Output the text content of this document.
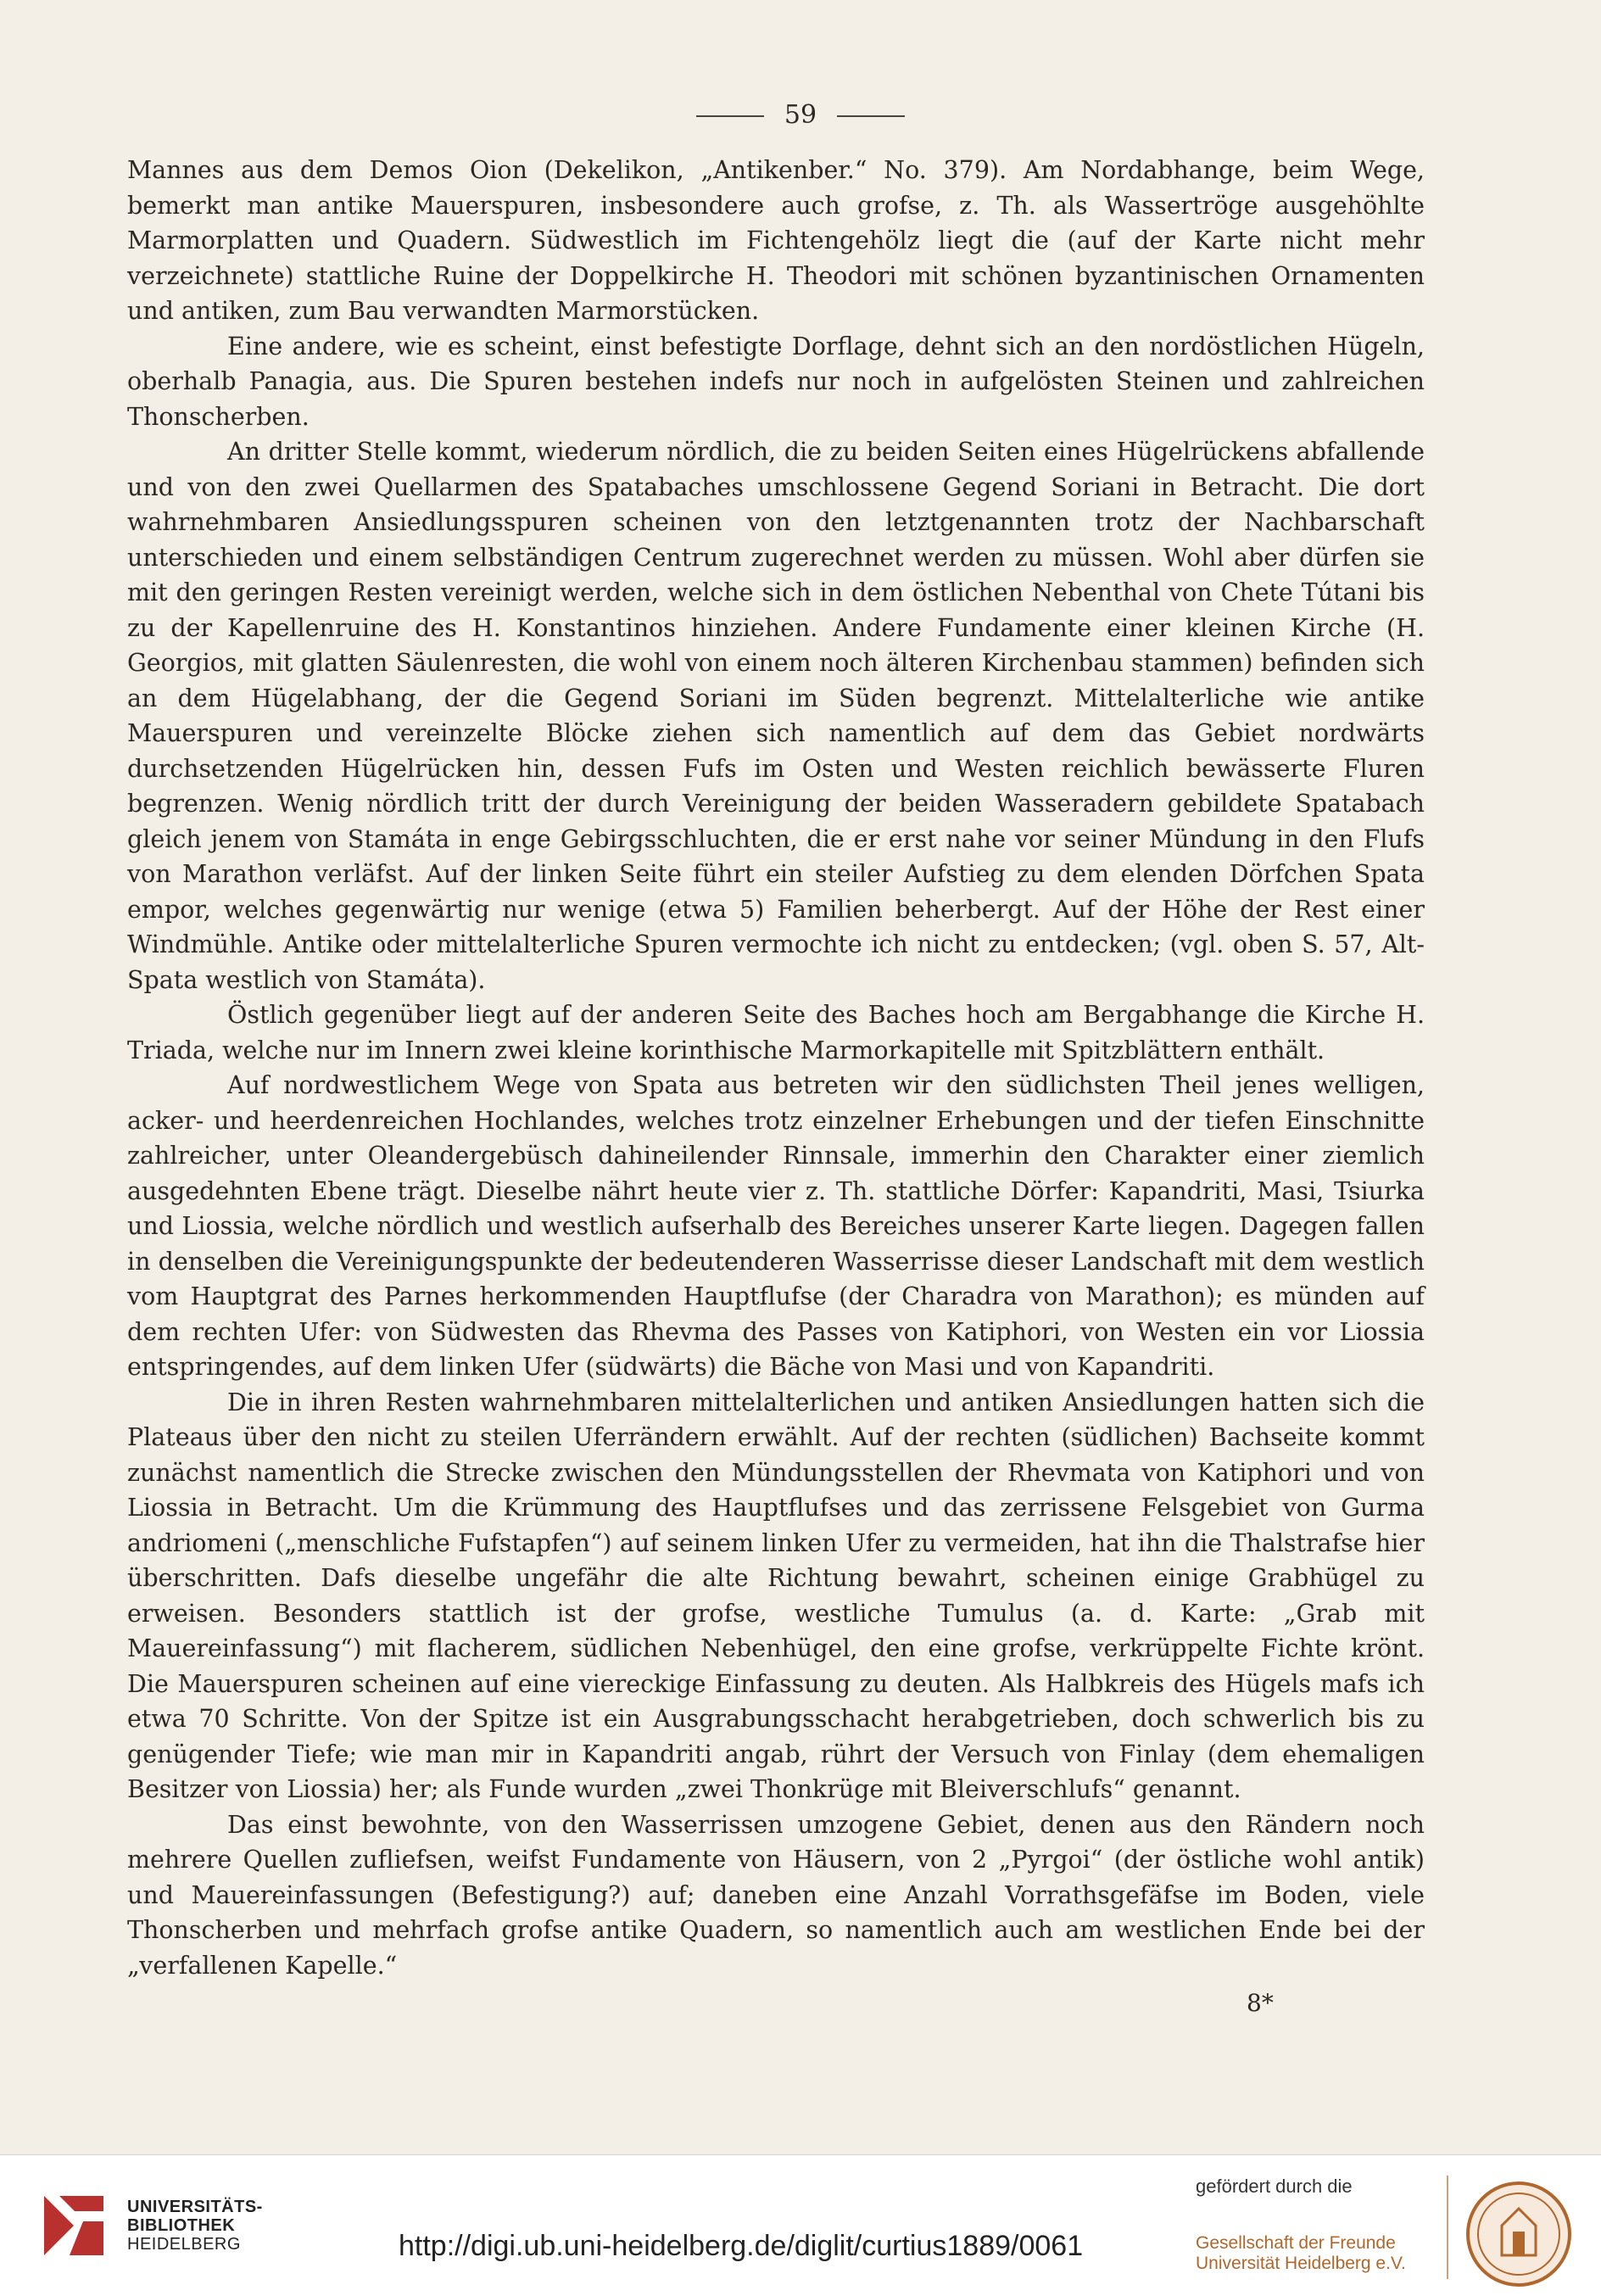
59

Mannes aus dem Demos Oion (Dekelikon, „Antikenber.“ No. 379). Am Nordabhange, beim Wege, bemerkt man antike Mauerspuren, insbesondere auch grofse, z. Th. als Wassertröge ausgehöhlte Marmorplatten und Quadern. Südwestlich im Fichtengehölz liegt die (auf der Karte nicht mehr verzeichnete) stattliche Ruine der Doppelkirche H. Theodori mit schönen byzantinischen Ornamenten und antiken, zum Bau verwandten Marmorstücken.

Eine andere, wie es scheint, einst befestigte Dorflage, dehnt sich an den nordöstlichen Hügeln, oberhalb Panagia, aus. Die Spuren bestehen indefs nur noch in aufgelösten Steinen und zahlreichen Thonscherben.

An dritter Stelle kommt, wiederum nördlich, die zu beiden Seiten eines Hügelrückens abfallende und von den zwei Quellarmen des Spatabaches umschlossene Gegend Soriani in Betracht. Die dort wahrnehmbaren Ansiedlungsspuren scheinen von den letztgenannten trotz der Nachbarschaft unterschieden und einem selbständigen Centrum zugerechnet werden zu müssen. Wohl aber dürfen sie mit den geringen Resten vereinigt werden, welche sich in dem östlichen Nebenthal von Chete Tútani bis zu der Kapellenruine des H. Konstantinos hinziehen. Andere Fundamente einer kleinen Kirche (H. Georgios, mit glatten Säulenresten, die wohl von einem noch älteren Kirchenbau stammen) befinden sich an dem Hügelabhang, der die Gegend Soriani im Süden begrenzt. Mittelalterliche wie antike Mauerspuren und vereinzelte Blöcke ziehen sich namentlich auf dem das Gebiet nordwärts durchsetzenden Hügelrücken hin, dessen Fufs im Osten und Westen reichlich bewässerte Fluren begrenzen. Wenig nördlich tritt der durch Vereinigung der beiden Wasseradern gebildete Spatabach gleich jenem von Stamáta in enge Gebirgsschluchten, die er erst nahe vor seiner Mündung in den Flufs von Marathon verläfst. Auf der linken Seite führt ein steiler Aufstieg zu dem elenden Dörfchen Spata empor, welches gegenwärtig nur wenige (etwa 5) Familien beherbergt. Auf der Höhe der Rest einer Windmühle. Antike oder mittelalterliche Spuren vermochte ich nicht zu entdecken; (vgl. oben S. 57, Alt-Spata westlich von Stamáta).

Östlich gegenüber liegt auf der anderen Seite des Baches hoch am Bergabhange die Kirche H. Triada, welche nur im Innern zwei kleine korinthische Marmorkapitelle mit Spitzblättern enthält.

Auf nordwestlichem Wege von Spata aus betreten wir den südlichsten Theil jenes welligen, acker- und heerdenreichen Hochlandes, welches trotz einzelner Erhebungen und der tiefen Einschnitte zahlreicher, unter Oleandergebüsch dahineilender Rinnsale, immerhin den Charakter einer ziemlich ausgedehnten Ebene trägt. Dieselbe nährt heute vier z. Th. stattliche Dörfer: Kapandriti, Masi, Tsiurka und Liossia, welche nördlich und westlich aufserhalb des Bereiches unserer Karte liegen. Dagegen fallen in denselben die Vereinigungspunkte der bedeutenderen Wasserrisse dieser Landschaft mit dem westlich vom Hauptgrat des Parnes herkommenden Hauptflufse (der Charadra von Marathon); es münden auf dem rechten Ufer: von Südwesten das Rhevma des Passes von Katiphori, von Westen ein vor Liossia entspringendes, auf dem linken Ufer (südwärts) die Bäche von Masi und von Kapandriti.

Die in ihren Resten wahrnehmbaren mittelalterlichen und antiken Ansiedlungen hatten sich die Plateaus über den nicht zu steilen Uferrändern erwählt. Auf der rechten (südlichen) Bachseite kommt zunächst namentlich die Strecke zwischen den Mündungsstellen der Rhevmata von Katiphori und von Liossia in Betracht. Um die Krümmung des Hauptflufses und das zerrissene Felsgebiet von Gurma andriomeni („menschliche Fufstapfen“) auf seinem linken Ufer zu vermeiden, hat ihn die Thalstrafse hier überschritten. Dafs dieselbe ungefähr die alte Richtung bewahrt, scheinen einige Grabhügel zu erweisen. Besonders stattlich ist der grofse, westliche Tumulus (a. d. Karte: „Grab mit Mauereinfassung“) mit flacherem, südlichen Nebenhügel, den eine grofse, verkrüppelte Fichte krönt. Die Mauerspuren scheinen auf eine viereckige Einfassung zu deuten. Als Halbkreis des Hügels mafs ich etwa 70 Schritte. Von der Spitze ist ein Ausgrabungsschacht herabgetrieben, doch schwerlich bis zu genügender Tiefe; wie man mir in Kapandriti angab, rührt der Versuch von Finlay (dem ehemaligen Besitzer von Liossia) her; als Funde wurden „zwei Thonkrüge mit Bleiverschlufs“ genannt.

Das einst bewohnte, von den Wasserrissen umzogene Gebiet, denen aus den Rändern noch mehrere Quellen zufliefsen, weifst Fundamente von Häusern, von 2 „Pyrgoi“ (der östliche wohl antik) und Mauereinfassungen (Befestigung?) auf; daneben eine Anzahl Vorrathsgefäfse im Boden, viele Thonscherben und mehrfach grofse antike Quadern, so namentlich auch am westlichen Ende bei der „verfallenen Kapelle.“

8*
UNIVERSITÄTS-
BIBLIOTHEK
HEIDELBERG	http://digi.ub.uni-heidelberg.de/diglit/curtius1889/0061
gefördert durch die
Gesellschaft der Freunde
Universität Heidelberg e.V.
